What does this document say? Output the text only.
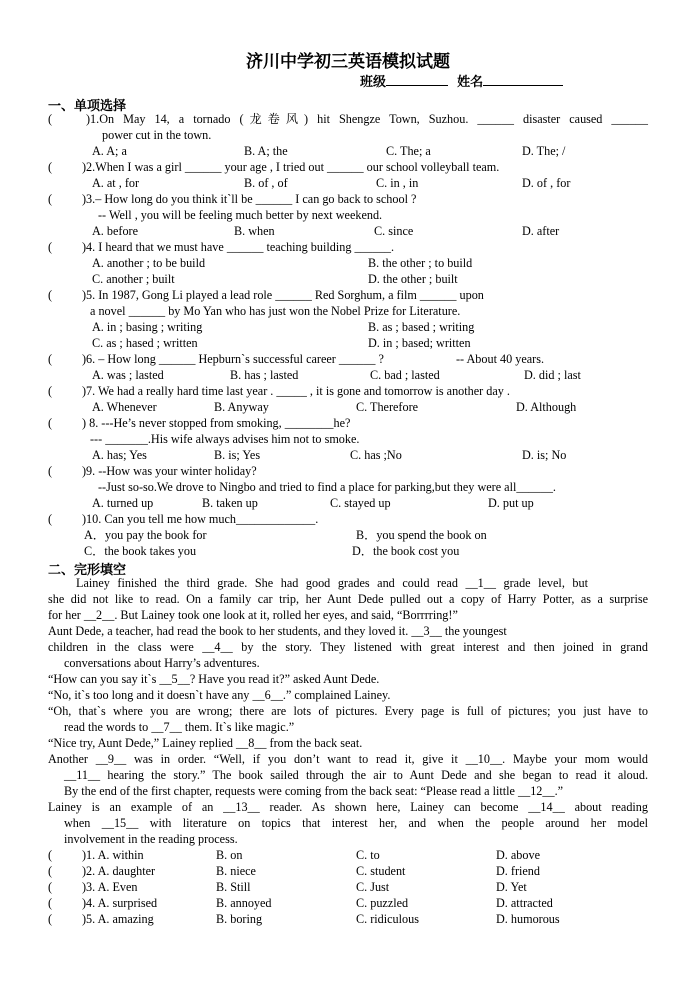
济川中学初三英语模拟试题
班级	姓名
一、单项选择
(	)1.On May 14, a tornado (龙卷风) hit Shengze Town, Suzhou. ______ disaster caused ______
power cut in the town.
A. A; a	B. A; the	C. The; a	D. The; /
( )2.When I was a girl ______ your age , I tried out ______ our school volleyball team.
A. at , for	B. of , of	C. in , in	D. of , for
( )3.– How long do you think it`ll be ______ I can go back to school ?
-- Well , you will be feeling much better by next weekend.
A. before	B. when	C. since	D. after
( )4. I heard that we must have ______ teaching building ______.
A. another ; to be build	B. the other ; to build
C. another ; built	D. the other ; built
( )5. In 1987, Gong Li played a lead role ______ Red Sorghum, a film ______ upon
a novel ______ by Mo Yan who has just won the Nobel Prize for Literature.
A. in ; basing ; writing	B. as ; based ; writing
C. as ; hased ; written	D. in ; based; written
( )6. – How long ______ Hepburn`s successful career ______ ?	-- About 40 years.
A. was ; lasted	B. has ; lasted	C. bad ; lasted	D. did ; last
( )7. We had a really hard time last year . _____ , it is gone and tomorrow is another day .
A. Whenever	B. Anyway	C. Therefore	D. Although
( ) 8. ---He’s never stopped from smoking, ________he?
--- _______.His wife always advises him not to smoke.
A. has; Yes	B. is; Yes	C. has ;No	D. is; No
( )9. --How was your winter holiday?
--Just so-so.We drove to Ningbo and tried to find a place for parking,but they were all______.
A. turned up	B. taken up	C. stayed up	D. put up
( )10. Can you tell me how much_____________.
A．you pay the book for	B．you spend the book on
C．the book takes you	D．the book cost you
二、完形填空
Lainey finished the third grade. She had good grades and could read __1__ grade level, but
she did not like to read. On a family car trip, her Aunt Dede pulled out a copy of Harry Potter, as a surprise
for her __2__. But Lainey took one look at it, rolled her eyes, and said, “Borrrring!”
Aunt Dede, a teacher, had read the book to her students, and they loved it. __3__ the youngest
children in the class were __4__ by the story. They listened with great interest and then joined in grand
conversations about Harry’s adventures.
“How can you say it`s __5__? Have you read it?” asked Aunt Dede.
“No, it`s too long and it doesn`t have any __6__.” complained Lainey.
“Oh, that`s where you are wrong; there are lots of pictures. Every page is full of pictures; you just have to
read the words to __7__ them. It`s like magic.”
“Nice try, Aunt Dede,” Lainey replied __8__ from the back seat.
Another __9__ was in order. “Well, if you don’t want to read it, give it __10__. Maybe your mom would
__11__ hearing the story.” The book sailed through the air to Aunt Dede and she began to read it aloud.
By the end of the first chapter, requests were coming from the back seat: “Please read a little __12__.”
Lainey is an example of an __13__ reader. As shown here, Lainey can become __14__ about reading
when __15__ with literature on topics that interest her, and when the people around her model
involvement in the reading process.
( )1. A. within	B. on	C. to	D. above
( )2. A. daughter	B. niece	C. student	D. friend
( )3. A. Even	B. Still	C. Just	D. Yet
( )4. A. surprised	B. annoyed	C. puzzled	D. attracted
( )5. A. amazing	B. boring	C. ridiculous	D. humorous
